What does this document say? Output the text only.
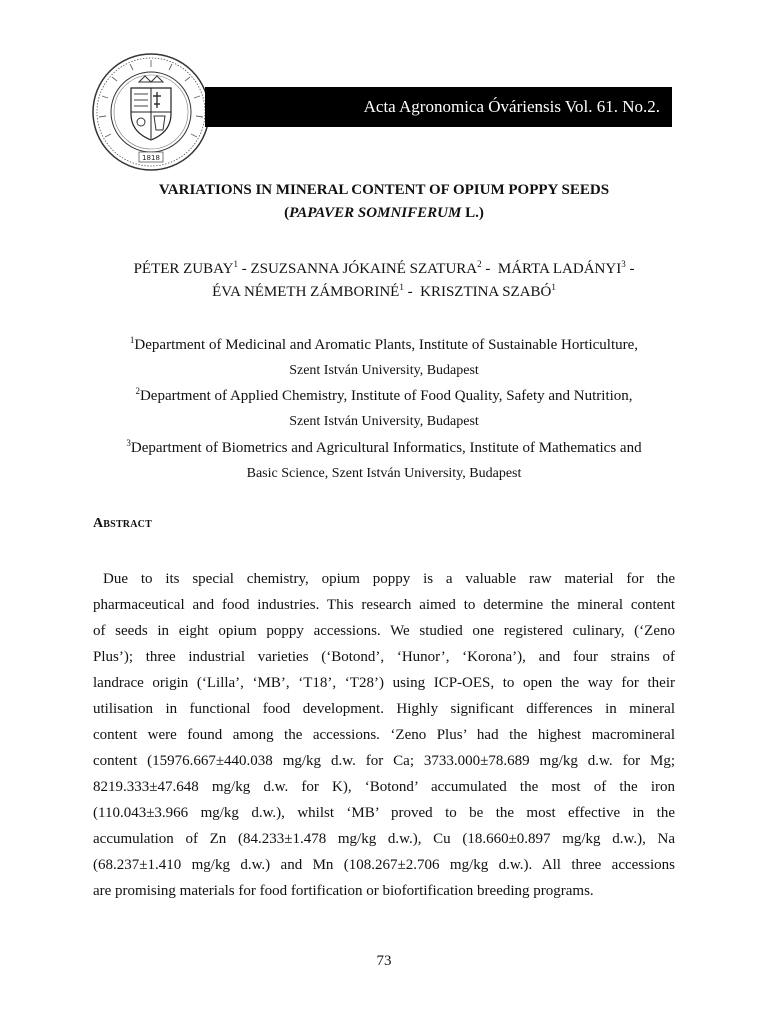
1818
Acta Agronomica Óváriensis Vol. 61. No.2.
VARIATIONS IN MINERAL CONTENT OF OPIUM POPPY SEEDS
(PAPAVER SOMNIFERUM L.)
PÉTER ZUBAY$^1$ - ZSUZSANNA JÓKAINÉ SZATURA$^2$ -  MÁRTA LADÁNYI$^3$ -
ÉVA NÉMETH ZÁMBORINÉ$^1$ -  KRISZTINA SZABÓ$^1$
$^1$Department of Medicinal and Aromatic Plants, Institute of Sustainable Horticulture,
Szent István University, Budapest
$^2$Department of Applied Chemistry, Institute of Food Quality, Safety and Nutrition,
Szent István University, Budapest
$^3$Department of Biometrics and Agricultural Informatics, Institute of Mathematics and
Basic Science, Szent István University, Budapest
Abstract
Due to its special chemistry, opium poppy is a valuable raw material for the
pharmaceutical and food industries. This research aimed to determine the mineral content
of seeds in eight opium poppy accessions. We studied one registered culinary, (‘Zeno
Plus’); three industrial varieties (‘Botond’, ‘Hunor’, ‘Korona’), and four strains of
landrace origin (‘Lilla’, ‘MB’, ‘T18’, ‘T28’) using ICP-OES, to open the way for their
utilisation in functional food development. Highly significant differences in mineral
content were found among the accessions. ‘Zeno Plus’ had the highest macromineral
content (15976.667±440.038 mg/kg d.w. for Ca; 3733.000±78.689 mg/kg d.w. for Mg;
8219.333±47.648 mg/kg d.w. for K), ‘Botond’ accumulated the most of the iron
(110.043±3.966 mg/kg d.w.), whilst ‘MB’ proved to be the most effective in the
accumulation of Zn (84.233±1.478 mg/kg d.w.), Cu (18.660±0.897 mg/kg d.w.), Na
(68.237±1.410 mg/kg d.w.) and Mn (108.267±2.706 mg/kg d.w.). All three accessions
are promising materials for food fortification or biofortification breeding programs.
73
